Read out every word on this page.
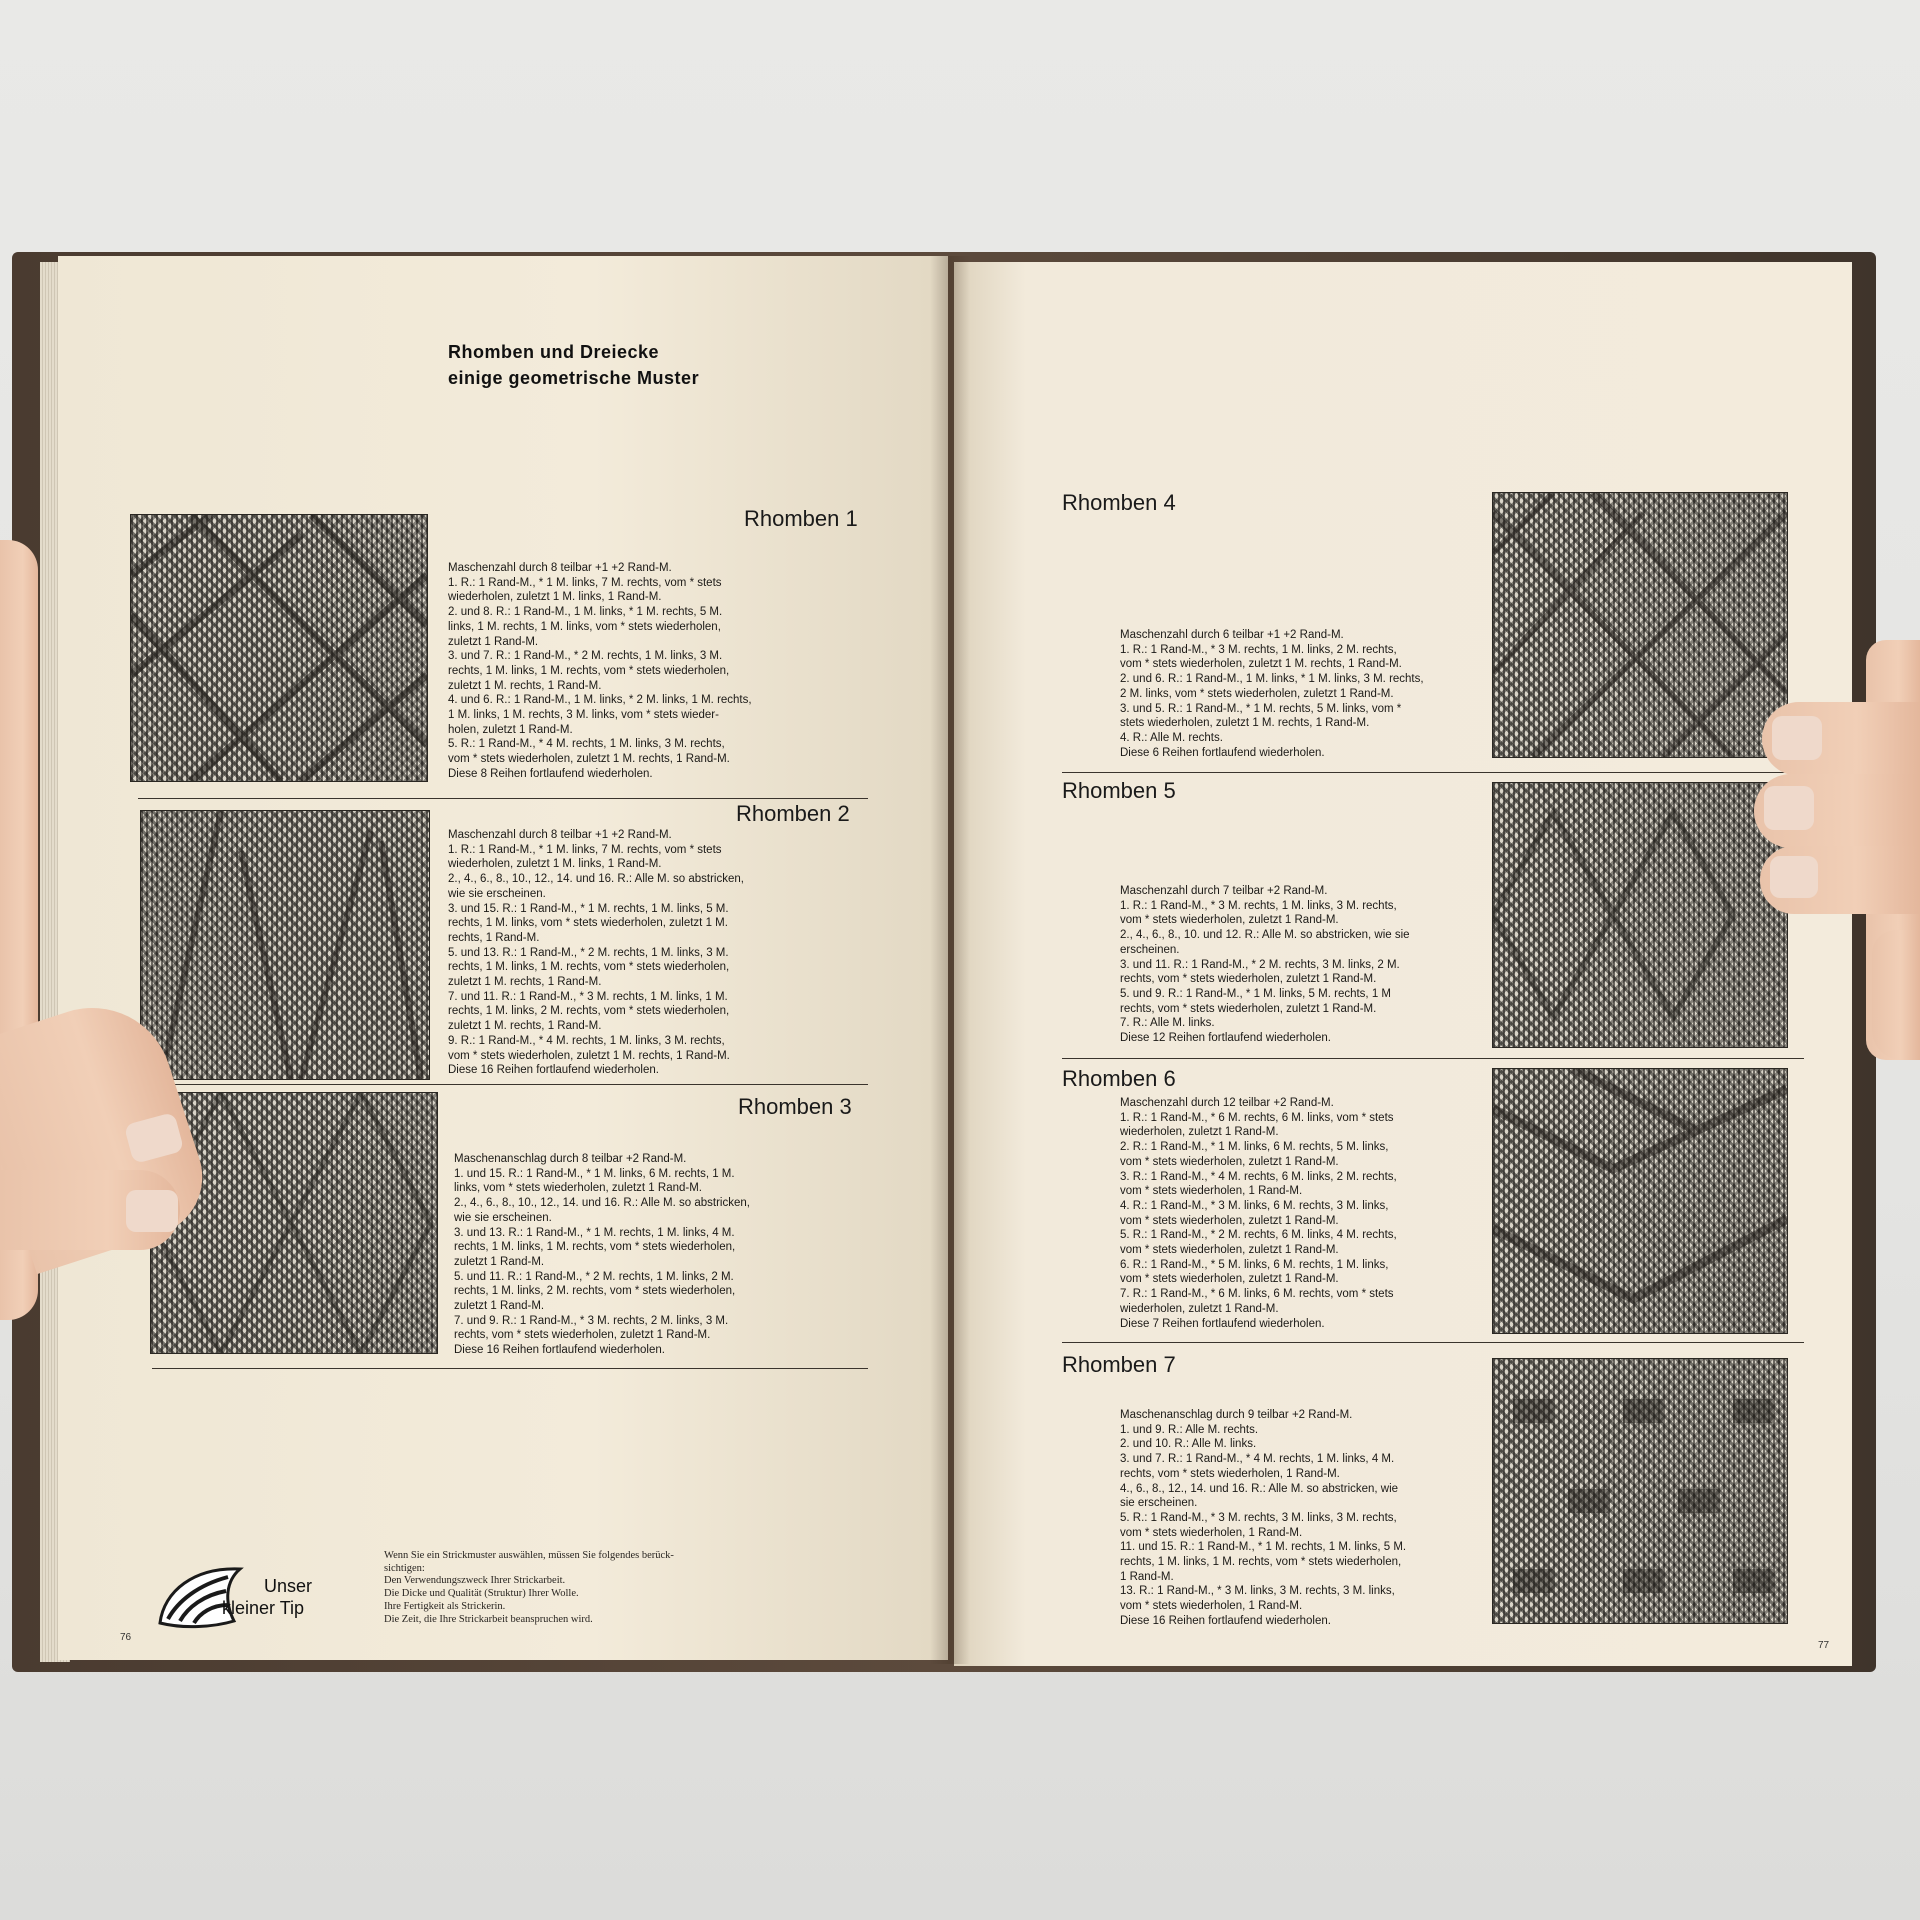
Rhomben und Dreiecke
einige geometrische Muster
Rhomben 1
Maschenzahl durch 8 teilbar +1 +2 Rand-M.
1. R.: 1 Rand-M., * 1 M. links, 7 M. rechts, vom * stets
wiederholen, zuletzt 1 M. links, 1 Rand-M.
2. und 8. R.: 1 Rand-M., 1 M. links, * 1 M. rechts, 5 M.
links, 1 M. rechts, 1 M. links, vom * stets wiederholen,
zuletzt 1 Rand-M.
3. und 7. R.: 1 Rand-M., * 2 M. rechts, 1 M. links, 3 M.
rechts, 1 M. links, 1 M. rechts, vom * stets wiederholen,
zuletzt 1 M. rechts, 1 Rand-M.
4. und 6. R.: 1 Rand-M., 1 M. links, * 2 M. links, 1 M. rechts,
1 M. links, 1 M. rechts, 3 M. links, vom * stets wieder-
holen, zuletzt 1 Rand-M.
5. R.: 1 Rand-M., * 4 M. rechts, 1 M. links, 3 M. rechts,
vom * stets wiederholen, zuletzt 1 M. rechts, 1 Rand-M.
Diese 8 Reihen fortlaufend wiederholen.
Rhomben 2
Maschenzahl durch 8 teilbar +1 +2 Rand-M.
1. R.: 1 Rand-M., * 1 M. links, 7 M. rechts, vom * stets
wiederholen, zuletzt 1 M. links, 1 Rand-M.
2., 4., 6., 8., 10., 12., 14. und 16. R.: Alle M. so abstricken,
wie sie erscheinen.
3. und 15. R.: 1 Rand-M., * 1 M. rechts, 1 M. links, 5 M.
rechts, 1 M. links, vom * stets wiederholen, zuletzt 1 M.
rechts, 1 Rand-M.
5. und 13. R.: 1 Rand-M., * 2 M. rechts, 1 M. links, 3 M.
rechts, 1 M. links, 1 M. rechts, vom * stets wiederholen,
zuletzt 1 M. rechts, 1 Rand-M.
7. und 11. R.: 1 Rand-M., * 3 M. rechts, 1 M. links, 1 M.
rechts, 1 M. links, 2 M. rechts, vom * stets wiederholen,
zuletzt 1 M. rechts, 1 Rand-M.
9. R.: 1 Rand-M., * 4 M. rechts, 1 M. links, 3 M. rechts,
vom * stets wiederholen, zuletzt 1 M. rechts, 1 Rand-M.
Diese 16 Reihen fortlaufend wiederholen.
Rhomben 3
Maschenanschlag durch 8 teilbar +2 Rand-M.
1. und 15. R.: 1 Rand-M., * 1 M. links, 6 M. rechts, 1 M.
links, vom * stets wiederholen, zuletzt 1 Rand-M.
2., 4., 6., 8., 10., 12., 14. und 16. R.: Alle M. so abstricken,
wie sie erscheinen.
3. und 13. R.: 1 Rand-M., * 1 M. rechts, 1 M. links, 4 M.
rechts, 1 M. links, 1 M. rechts, vom * stets wiederholen,
zuletzt 1 Rand-M.
5. und 11. R.: 1 Rand-M., * 2 M. rechts, 1 M. links, 2 M.
rechts, 1 M. links, 2 M. rechts, vom * stets wiederholen,
zuletzt 1 Rand-M.
7. und 9. R.: 1 Rand-M., * 3 M. rechts, 2 M. links, 3 M.
rechts, vom * stets wiederholen, zuletzt 1 Rand-M.
Diese 16 Reihen fortlaufend wiederholen.
Unser
kleiner Tip
Wenn Sie ein Strickmuster auswählen, müssen Sie folgendes berück-
sichtigen:
Den Verwendungszweck Ihrer Strickarbeit.
Die Dicke und Qualität (Struktur) Ihrer Wolle.
Ihre Fertigkeit als Strickerin.
Die Zeit, die Ihre Strickarbeit beanspruchen wird.
76
Rhomben 4
Maschenzahl durch 6 teilbar +1 +2 Rand-M.
1. R.: 1 Rand-M., * 3 M. rechts, 1 M. links, 2 M. rechts,
vom * stets wiederholen, zuletzt 1 M. rechts, 1 Rand-M.
2. und 6. R.: 1 Rand-M., 1 M. links, * 1 M. links, 3 M. rechts,
2 M. links, vom * stets wiederholen, zuletzt 1 Rand-M.
3. und 5. R.: 1 Rand-M., * 1 M. rechts, 5 M. links, vom *
stets wiederholen, zuletzt 1 M. rechts, 1 Rand-M.
4. R.: Alle M. rechts.
Diese 6 Reihen fortlaufend wiederholen.
Rhomben 5
Maschenzahl durch 7 teilbar +2 Rand-M.
1. R.: 1 Rand-M., * 3 M. rechts, 1 M. links, 3 M. rechts,
vom * stets wiederholen, zuletzt 1 Rand-M.
2., 4., 6., 8., 10. und 12. R.: Alle M. so abstricken, wie sie
erscheinen.
3. und 11. R.: 1 Rand-M., * 2 M. rechts, 3 M. links, 2 M.
rechts, vom * stets wiederholen, zuletzt 1 Rand-M.
5. und 9. R.: 1 Rand-M., * 1 M. links, 5 M. rechts, 1 M
rechts, vom * stets wiederholen, zuletzt 1 Rand-M.
7. R.: Alle M. links.
Diese 12 Reihen fortlaufend wiederholen.
Rhomben 6
Maschenzahl durch 12 teilbar +2 Rand-M.
1. R.: 1 Rand-M., * 6 M. rechts, 6 M. links, vom * stets
wiederholen, zuletzt 1 Rand-M.
2. R.: 1 Rand-M., * 1 M. links, 6 M. rechts, 5 M. links,
vom * stets wiederholen, zuletzt 1 Rand-M.
3. R.: 1 Rand-M., * 4 M. rechts, 6 M. links, 2 M. rechts,
vom * stets wiederholen, 1 Rand-M.
4. R.: 1 Rand-M., * 3 M. links, 6 M. rechts, 3 M. links,
vom * stets wiederholen, zuletzt 1 Rand-M.
5. R.: 1 Rand-M., * 2 M. rechts, 6 M. links, 4 M. rechts,
vom * stets wiederholen, zuletzt 1 Rand-M.
6. R.: 1 Rand-M., * 5 M. links, 6 M. rechts, 1 M. links,
vom * stets wiederholen, zuletzt 1 Rand-M.
7. R.: 1 Rand-M., * 6 M. links, 6 M. rechts, vom * stets
wiederholen, zuletzt 1 Rand-M.
Diese 7 Reihen fortlaufend wiederholen.
Rhomben 7
Maschenanschlag durch 9 teilbar +2 Rand-M.
1. und 9. R.: Alle M. rechts.
2. und 10. R.: Alle M. links.
3. und 7. R.: 1 Rand-M., * 4 M. rechts, 1 M. links, 4 M.
rechts, vom * stets wiederholen, 1 Rand-M.
4., 6., 8., 12., 14. und 16. R.: Alle M. so abstricken, wie
sie erscheinen.
5. R.: 1 Rand-M., * 3 M. rechts, 3 M. links, 3 M. rechts,
vom * stets wiederholen, 1 Rand-M.
11. und 15. R.: 1 Rand-M., * 1 M. rechts, 1 M. links, 5 M.
rechts, 1 M. links, 1 M. rechts, vom * stets wiederholen,
1 Rand-M.
13. R.: 1 Rand-M., * 3 M. links, 3 M. rechts, 3 M. links,
vom * stets wiederholen, 1 Rand-M.
Diese 16 Reihen fortlaufend wiederholen.
77
